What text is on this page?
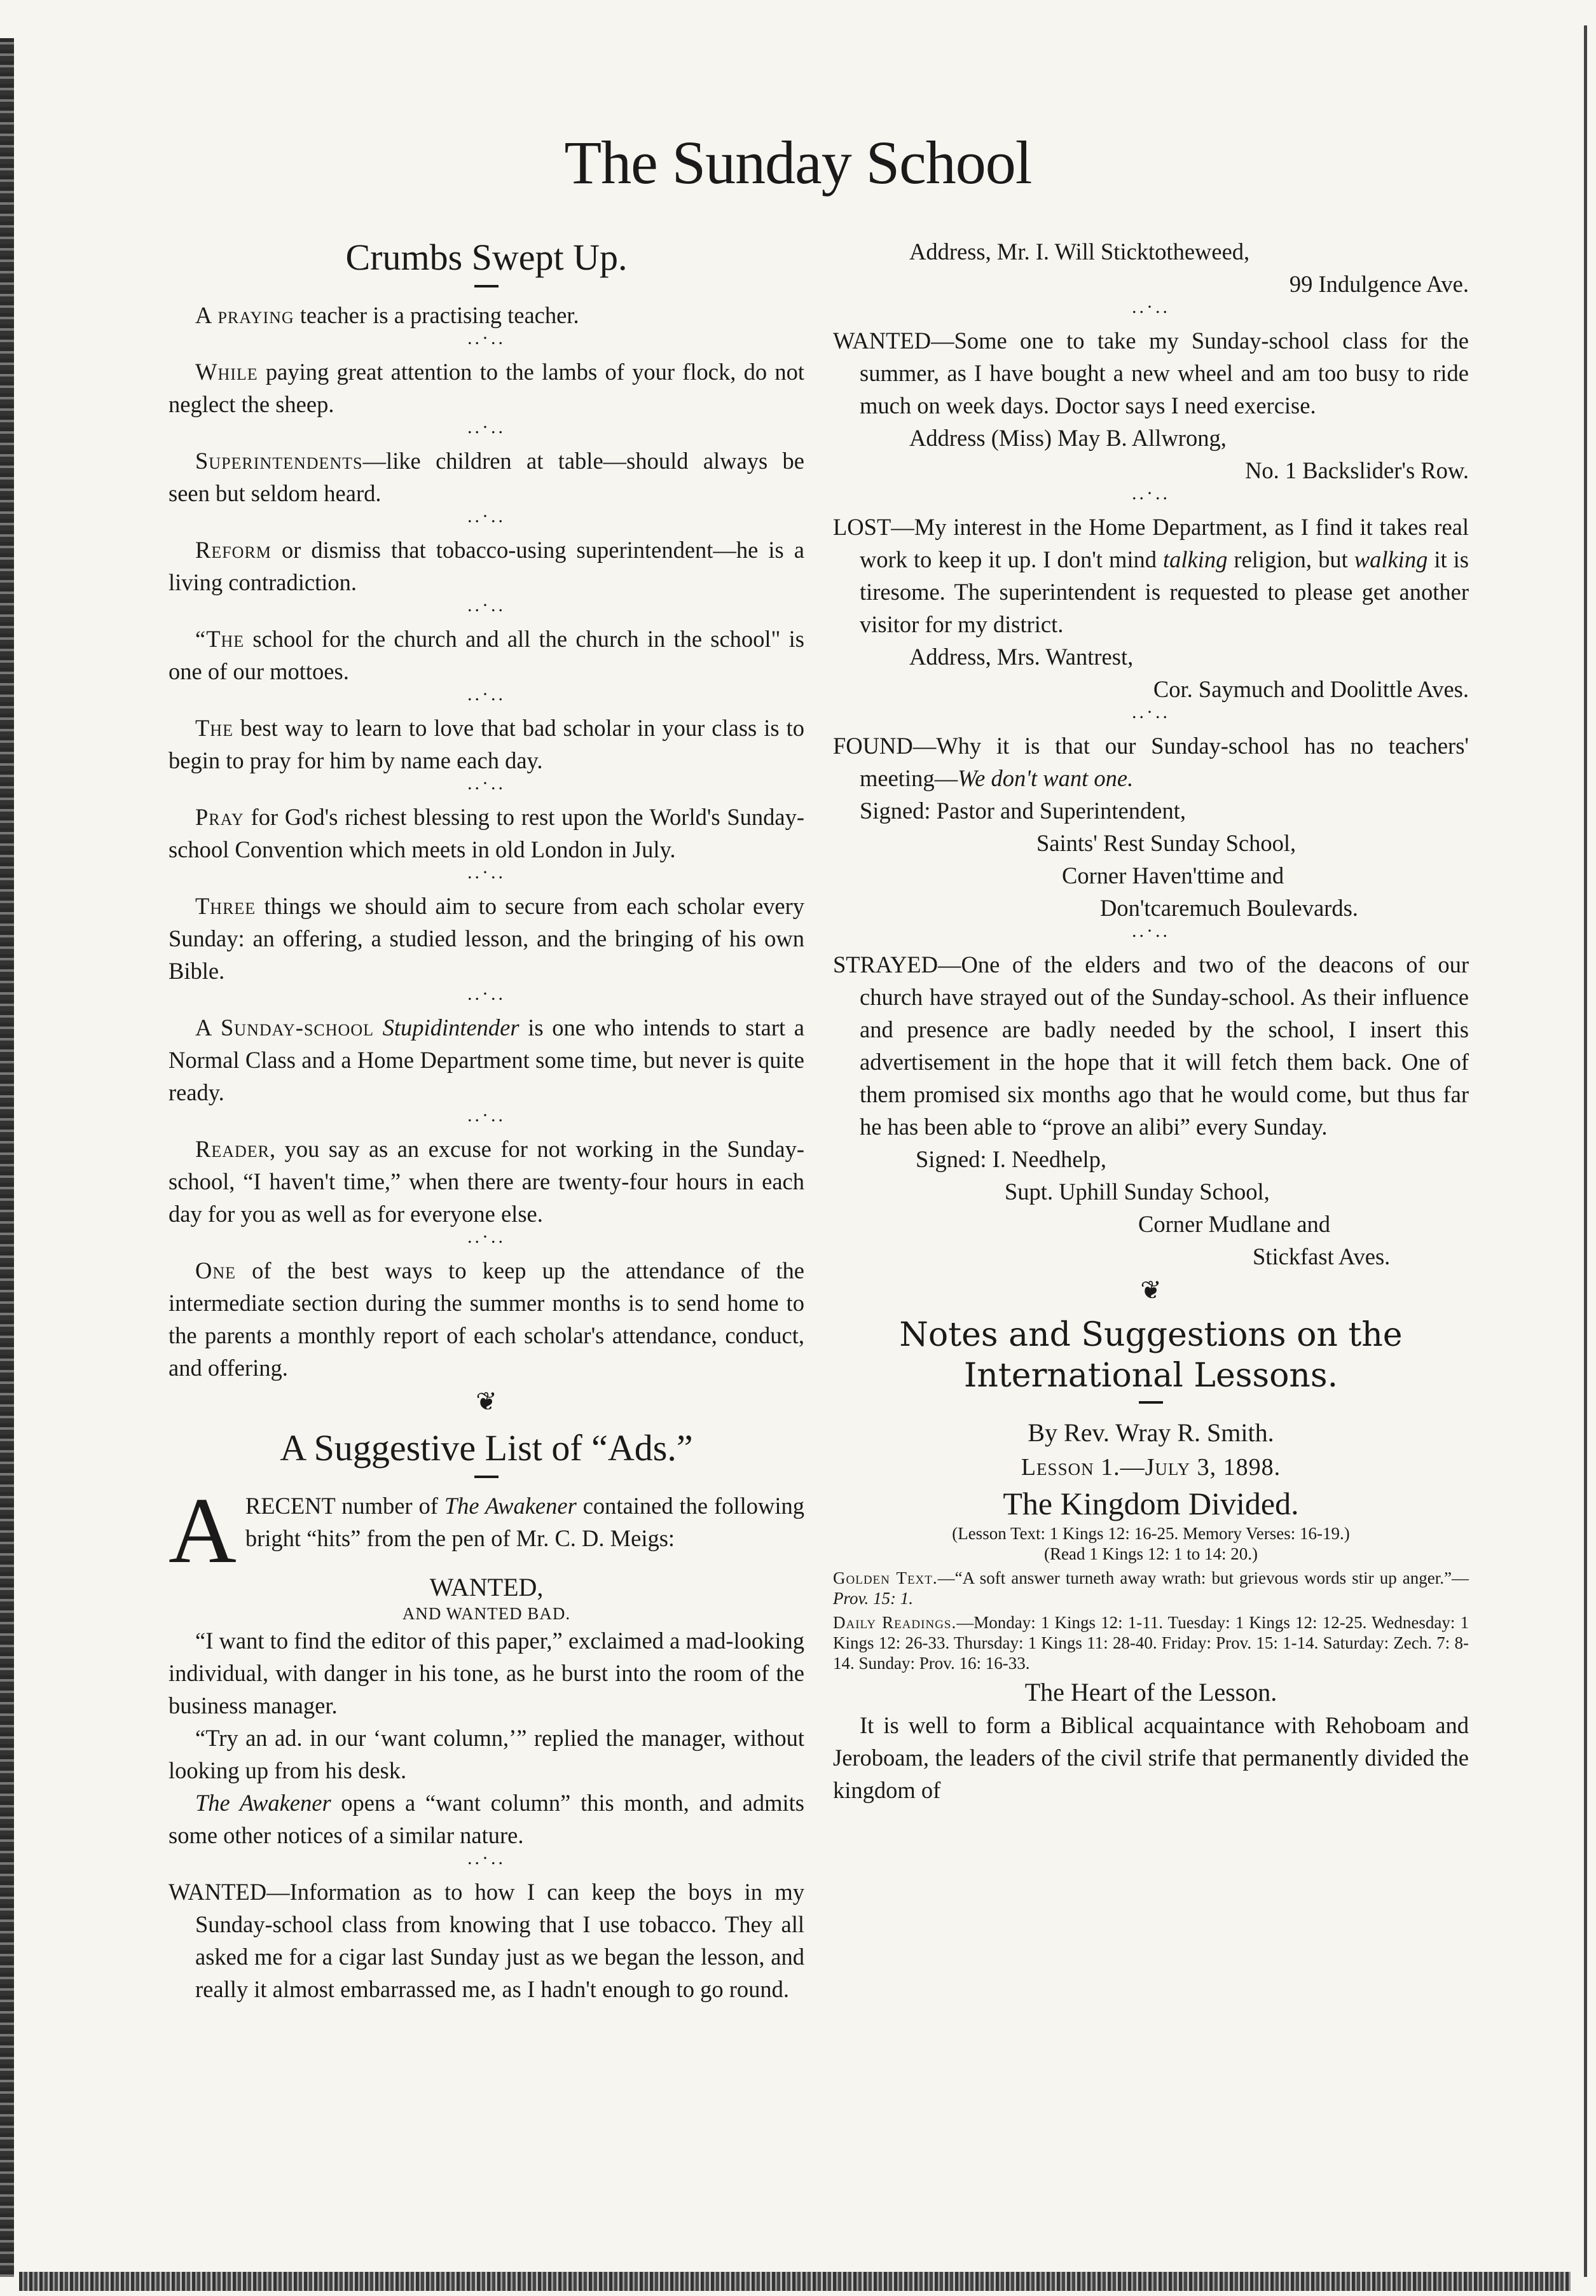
The Sunday School
Crumbs Swept Up.

A praying teacher is a practising teacher.

..·..

While paying great attention to the lambs of your flock, do not neglect the sheep.

..·..

Superintendents—like children at table—should always be seen but seldom heard.

..·..

Reform or dismiss that tobacco-using superintendent—he is a living contradiction.

..·..

“The school for the church and all the church in the school" is one of our mottoes.

..·..

The best way to learn to love that bad scholar in your class is to begin to pray for him by name each day.

..·..

Pray for God's richest blessing to rest upon the World's Sunday-school Convention which meets in old London in July.

..·..

Three things we should aim to secure from each scholar every Sunday: an offering, a studied lesson, and the bringing of his own Bible.

..·..

A Sunday-school Stupidintender is one who intends to start a Normal Class and a Home Department some time, but never is quite ready.

..·..

Reader, you say as an excuse for not working in the Sunday-school, “I haven't time,” when there are twenty-four hours in each day for you as well as for everyone else.

..·..

One of the best ways to keep up the attendance of the intermediate section during the summer months is to send home to the parents a monthly report of each scholar's attendance, conduct, and offering.

❦
A Suggestive List of “Ads.”

ARECENT number of The Awakener contained the following bright “hits” from the pen of Mr. C. D. Meigs:

WANTED,
AND WANTED BAD.

“I want to find the editor of this paper,” exclaimed a mad-looking individual, with danger in his tone, as he burst into the room of the business manager.

“Try an ad. in our ‘want column,’” replied the manager, without looking up from his desk.

The Awakener opens a “want column” this month, and admits some other notices of a similar nature.

..·..

WANTED—Information as to how I can keep the boys in my Sunday-school class from knowing that I use tobacco. They all asked me for a cigar last Sunday just as we began the lesson, and really it almost embarrassed me, as I hadn't enough to go round.

Address, Mr. I. Will Sticktotheweed,

99 Indulgence Ave.

..·..

WANTED—Some one to take my Sunday-school class for the summer, as I have bought a new wheel and am too busy to ride much on week days. Doctor says I need exercise.

Address (Miss) May B. Allwrong,

No. 1 Backslider's Row.

..·..

LOST—My interest in the Home Department, as I find it takes real work to keep it up. I don't mind talking religion, but walking it is tiresome. The superintendent is requested to please get another visitor for my district.

Address, Mrs. Wantrest,

Cor. Saymuch and Doolittle Aves.

..·..

FOUND—Why it is that our Sunday-school has no teachers' meeting—We don't want one.

Signed: Pastor and Superintendent,

Saints' Rest Sunday School,

Corner Haven'ttime and

Don'tcaremuch Boulevards.

..·..

STRAYED—One of the elders and two of the deacons of our church have strayed out of the Sunday-school. As their influence and presence are badly needed by the school, I insert this advertisement in the hope that it will fetch them back. One of them promised six months ago that he would come, but thus far he has been able to “prove an alibi” every Sunday.

Signed: I. Needhelp,

Supt. Uphill Sunday School,

Corner Mudlane and

Stickfast Aves.

❦
Notes and Suggestions on the
International Lessons.
By Rev. Wray R. Smith.
Lesson 1.—July 3, 1898.
The Kingdom Divided.

(Lesson Text: 1 Kings 12: 16-25. Memory Verses: 16-19.)

(Read 1 Kings 12: 1 to 14: 20.)

Golden Text.—“A soft answer turneth away wrath: but grievous words stir up anger.”—Prov. 15: 1.

Daily Readings.—Monday: 1 Kings 12: 1-11. Tuesday: 1 Kings 12: 12-25. Wednesday: 1 Kings 12: 26-33. Thursday: 1 Kings 11: 28-40. Friday: Prov. 15: 1-14. Saturday: Zech. 7: 8-14. Sunday: Prov. 16: 16-33.

The Heart of the Lesson.

It is well to form a Biblical acquaintance with Rehoboam and Jeroboam, the leaders of the civil strife that permanently divided the kingdom of
